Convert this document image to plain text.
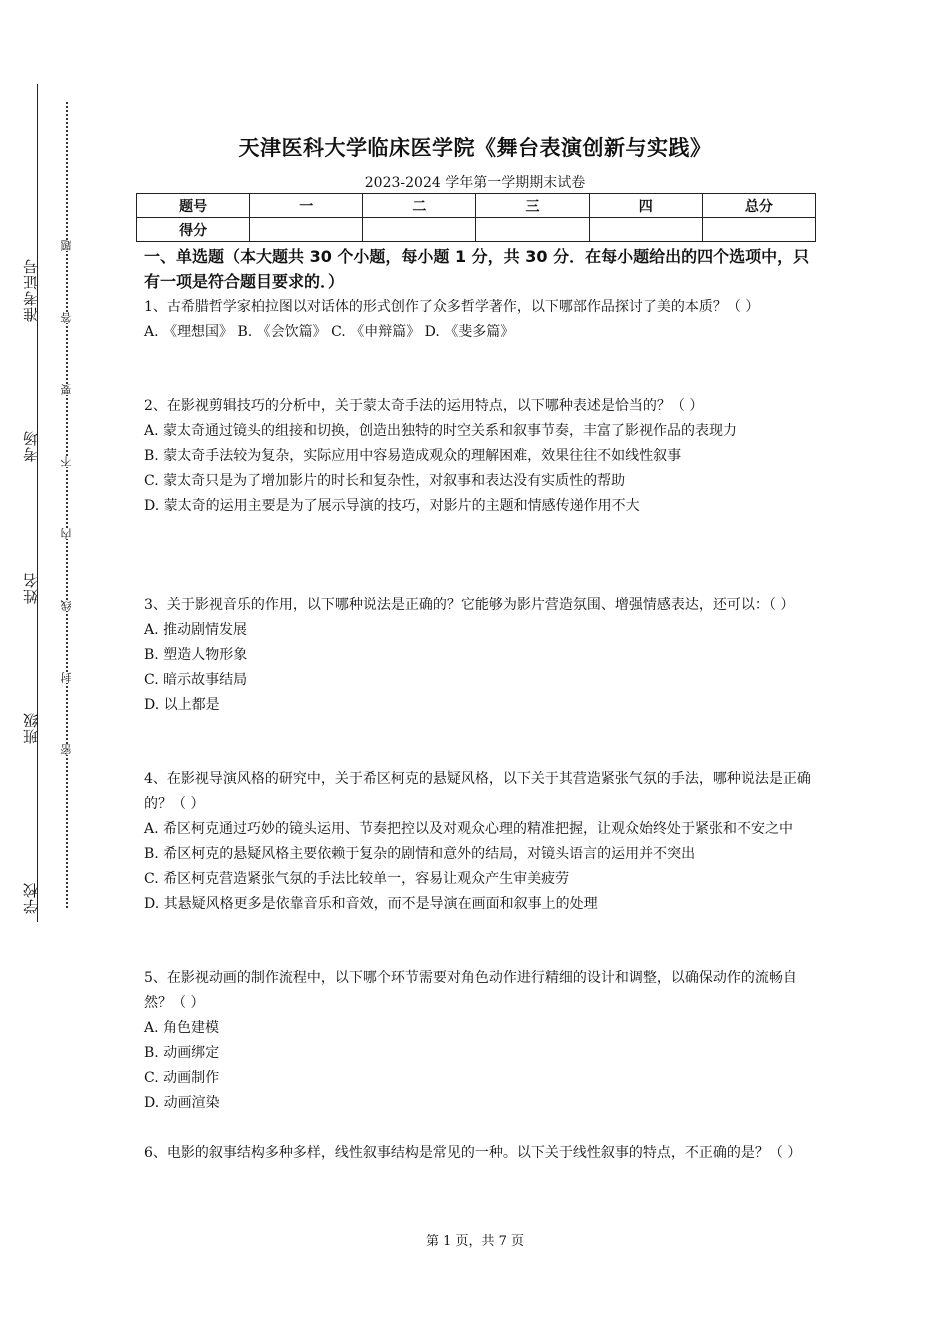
准考证号
考场
姓名
班级
学校
题
答
要
不
内
线
封
密
天津医科大学临床医学院《舞台表演创新与实践》
2023-2024 学年第一学期期末试卷
题号	一	二	三	四	总分
得分					
一、单选题（本大题共 30 个小题，每小题 1 分，共 30 分．在每小题给出的四个选项中，只有一项是符合题目要求的．）

1、古希腊哲学家柏拉图以对话体的形式创作了众多哲学著作，以下哪部作品探讨了美的本质？（ ）

A. 《理想国》 B. 《会饮篇》 C. 《申辩篇》 D. 《斐多篇》

2、在影视剪辑技巧的分析中，关于蒙太奇手法的运用特点，以下哪种表述是恰当的？（ ）

A. 蒙太奇通过镜头的组接和切换，创造出独特的时空关系和叙事节奏，丰富了影视作品的表现力

B. 蒙太奇手法较为复杂，实际应用中容易造成观众的理解困难，效果往往不如线性叙事

C. 蒙太奇只是为了增加影片的时长和复杂性，对叙事和表达没有实质性的帮助

D. 蒙太奇的运用主要是为了展示导演的技巧，对影片的主题和情感传递作用不大

3、关于影视音乐的作用，以下哪种说法是正确的？它能够为影片营造氛围、增强情感表达，还可以：（ ）

A. 推动剧情发展

B. 塑造人物形象

C. 暗示故事结局

D. 以上都是

4、在影视导演风格的研究中，关于希区柯克的悬疑风格，以下关于其营造紧张气氛的手法，哪种说法是正确的？（ ）

A. 希区柯克通过巧妙的镜头运用、节奏把控以及对观众心理的精准把握，让观众始终处于紧张和不安之中

B. 希区柯克的悬疑风格主要依赖于复杂的剧情和意外的结局，对镜头语言的运用并不突出

C. 希区柯克营造紧张气氛的手法比较单一，容易让观众产生审美疲劳

D. 其悬疑风格更多是依靠音乐和音效，而不是导演在画面和叙事上的处理

5、在影视动画的制作流程中，以下哪个环节需要对角色动作进行精细的设计和调整，以确保动作的流畅自然？（ ）

A. 角色建模

B. 动画绑定

C. 动画制作

D. 动画渲染

6、电影的叙事结构多种多样，线性叙事结构是常见的一种。以下关于线性叙事的特点，不正确的是？（ ）

第 1 页，共 7 页
